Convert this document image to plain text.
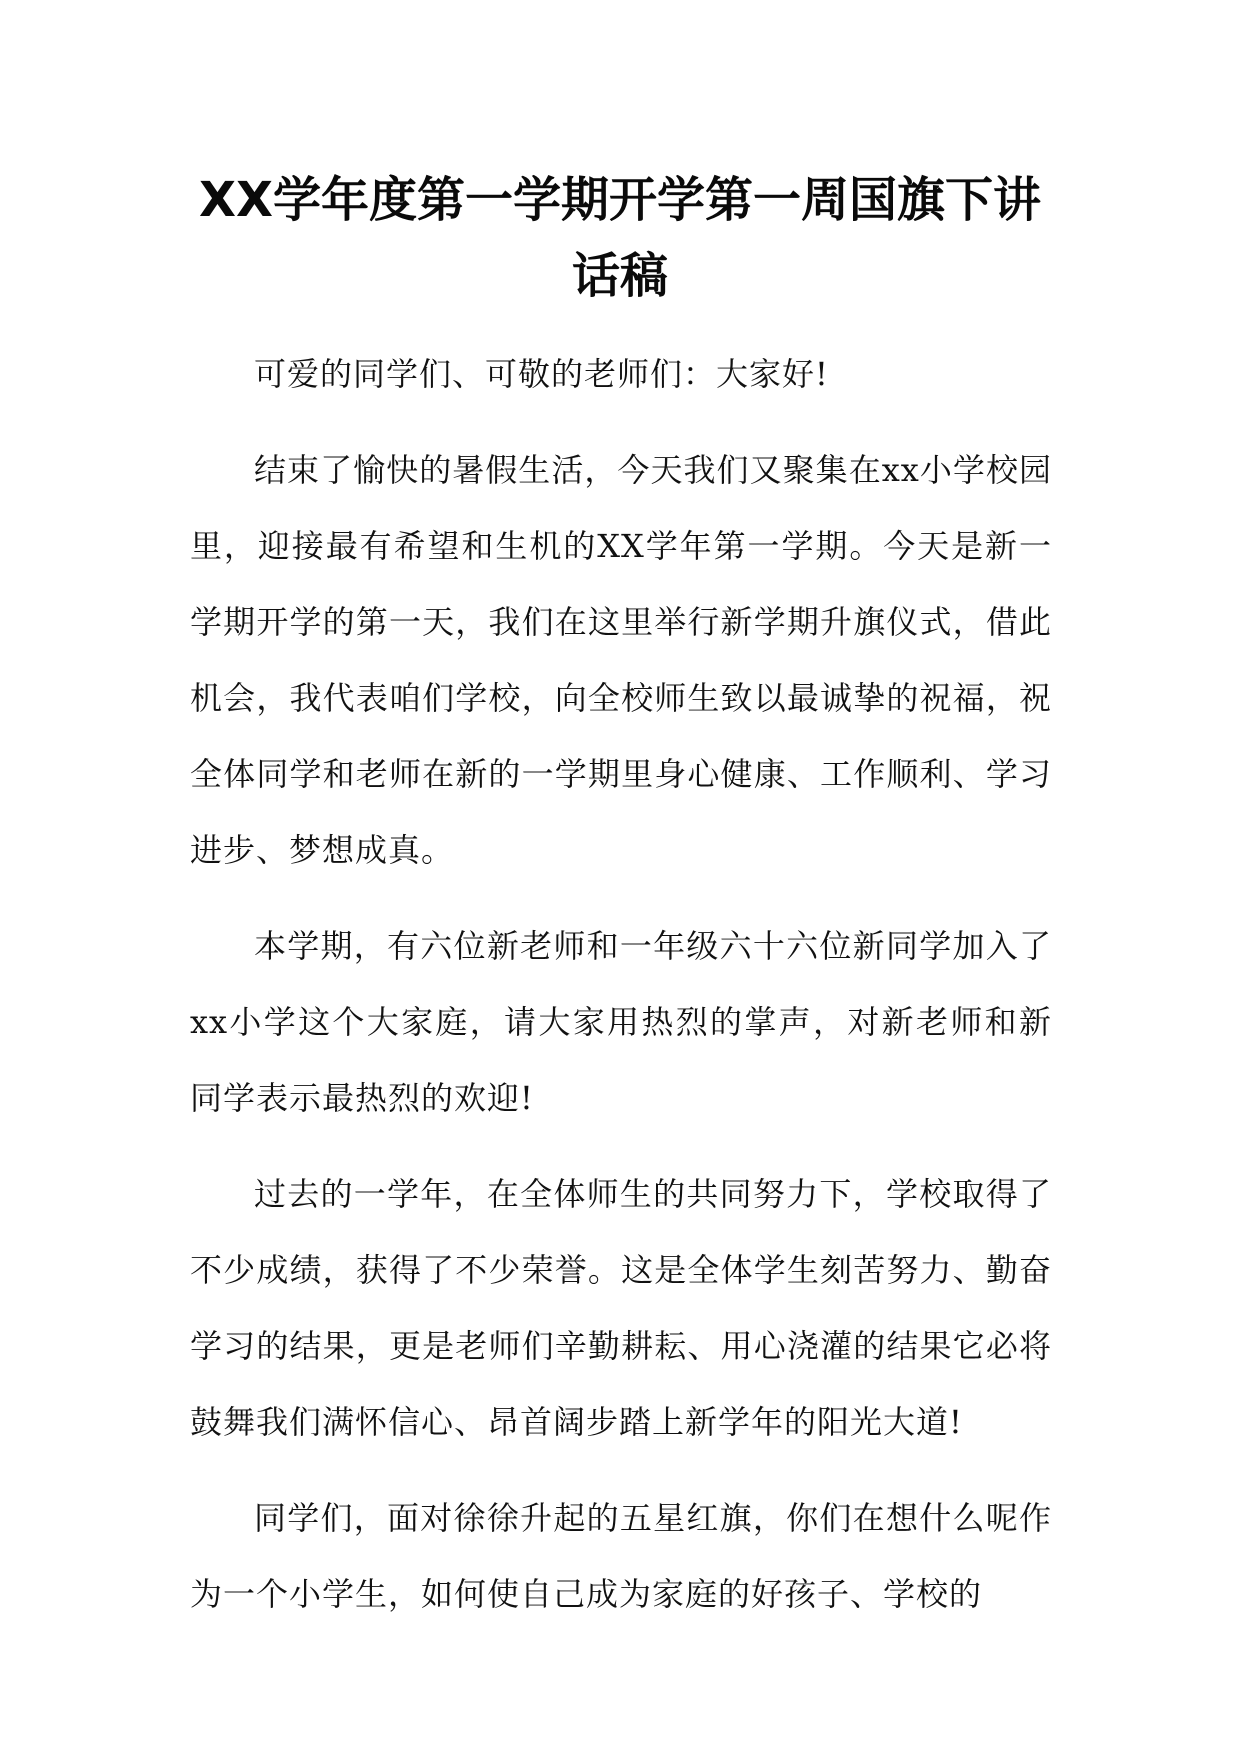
XX学年度第一学期开学第一周国旗下讲
话稿

可爱的同学们、可敬的老师们：大家好!

结束了愉快的暑假生活，今天我们又聚集在xx小学校园里，迎接最有希望和生机的XX学年第一学期。今天是新一学期开学的第一天，我们在这里举行新学期升旗仪式，借此机会，我代表咱们学校，向全校师生致以最诚挚的祝福，祝全体同学和老师在新的一学期里身心健康、工作顺利、学习进步、梦想成真。

本学期，有六位新老师和一年级六十六位新同学加入了xx小学这个大家庭，请大家用热烈的掌声，对新老师和新同学表示最热烈的欢迎!

过去的一学年，在全体师生的共同努力下，学校取得了不少成绩，获得了不少荣誉。这是全体学生刻苦努力、勤奋学习的结果，更是老师们辛勤耕耘、用心浇灌的结果它必将鼓舞我们满怀信心、昂首阔步踏上新学年的阳光大道!

同学们，面对徐徐升起的五星红旗，你们在想什么呢作为一个小学生，如何使自己成为家庭的好孩子、学校的
